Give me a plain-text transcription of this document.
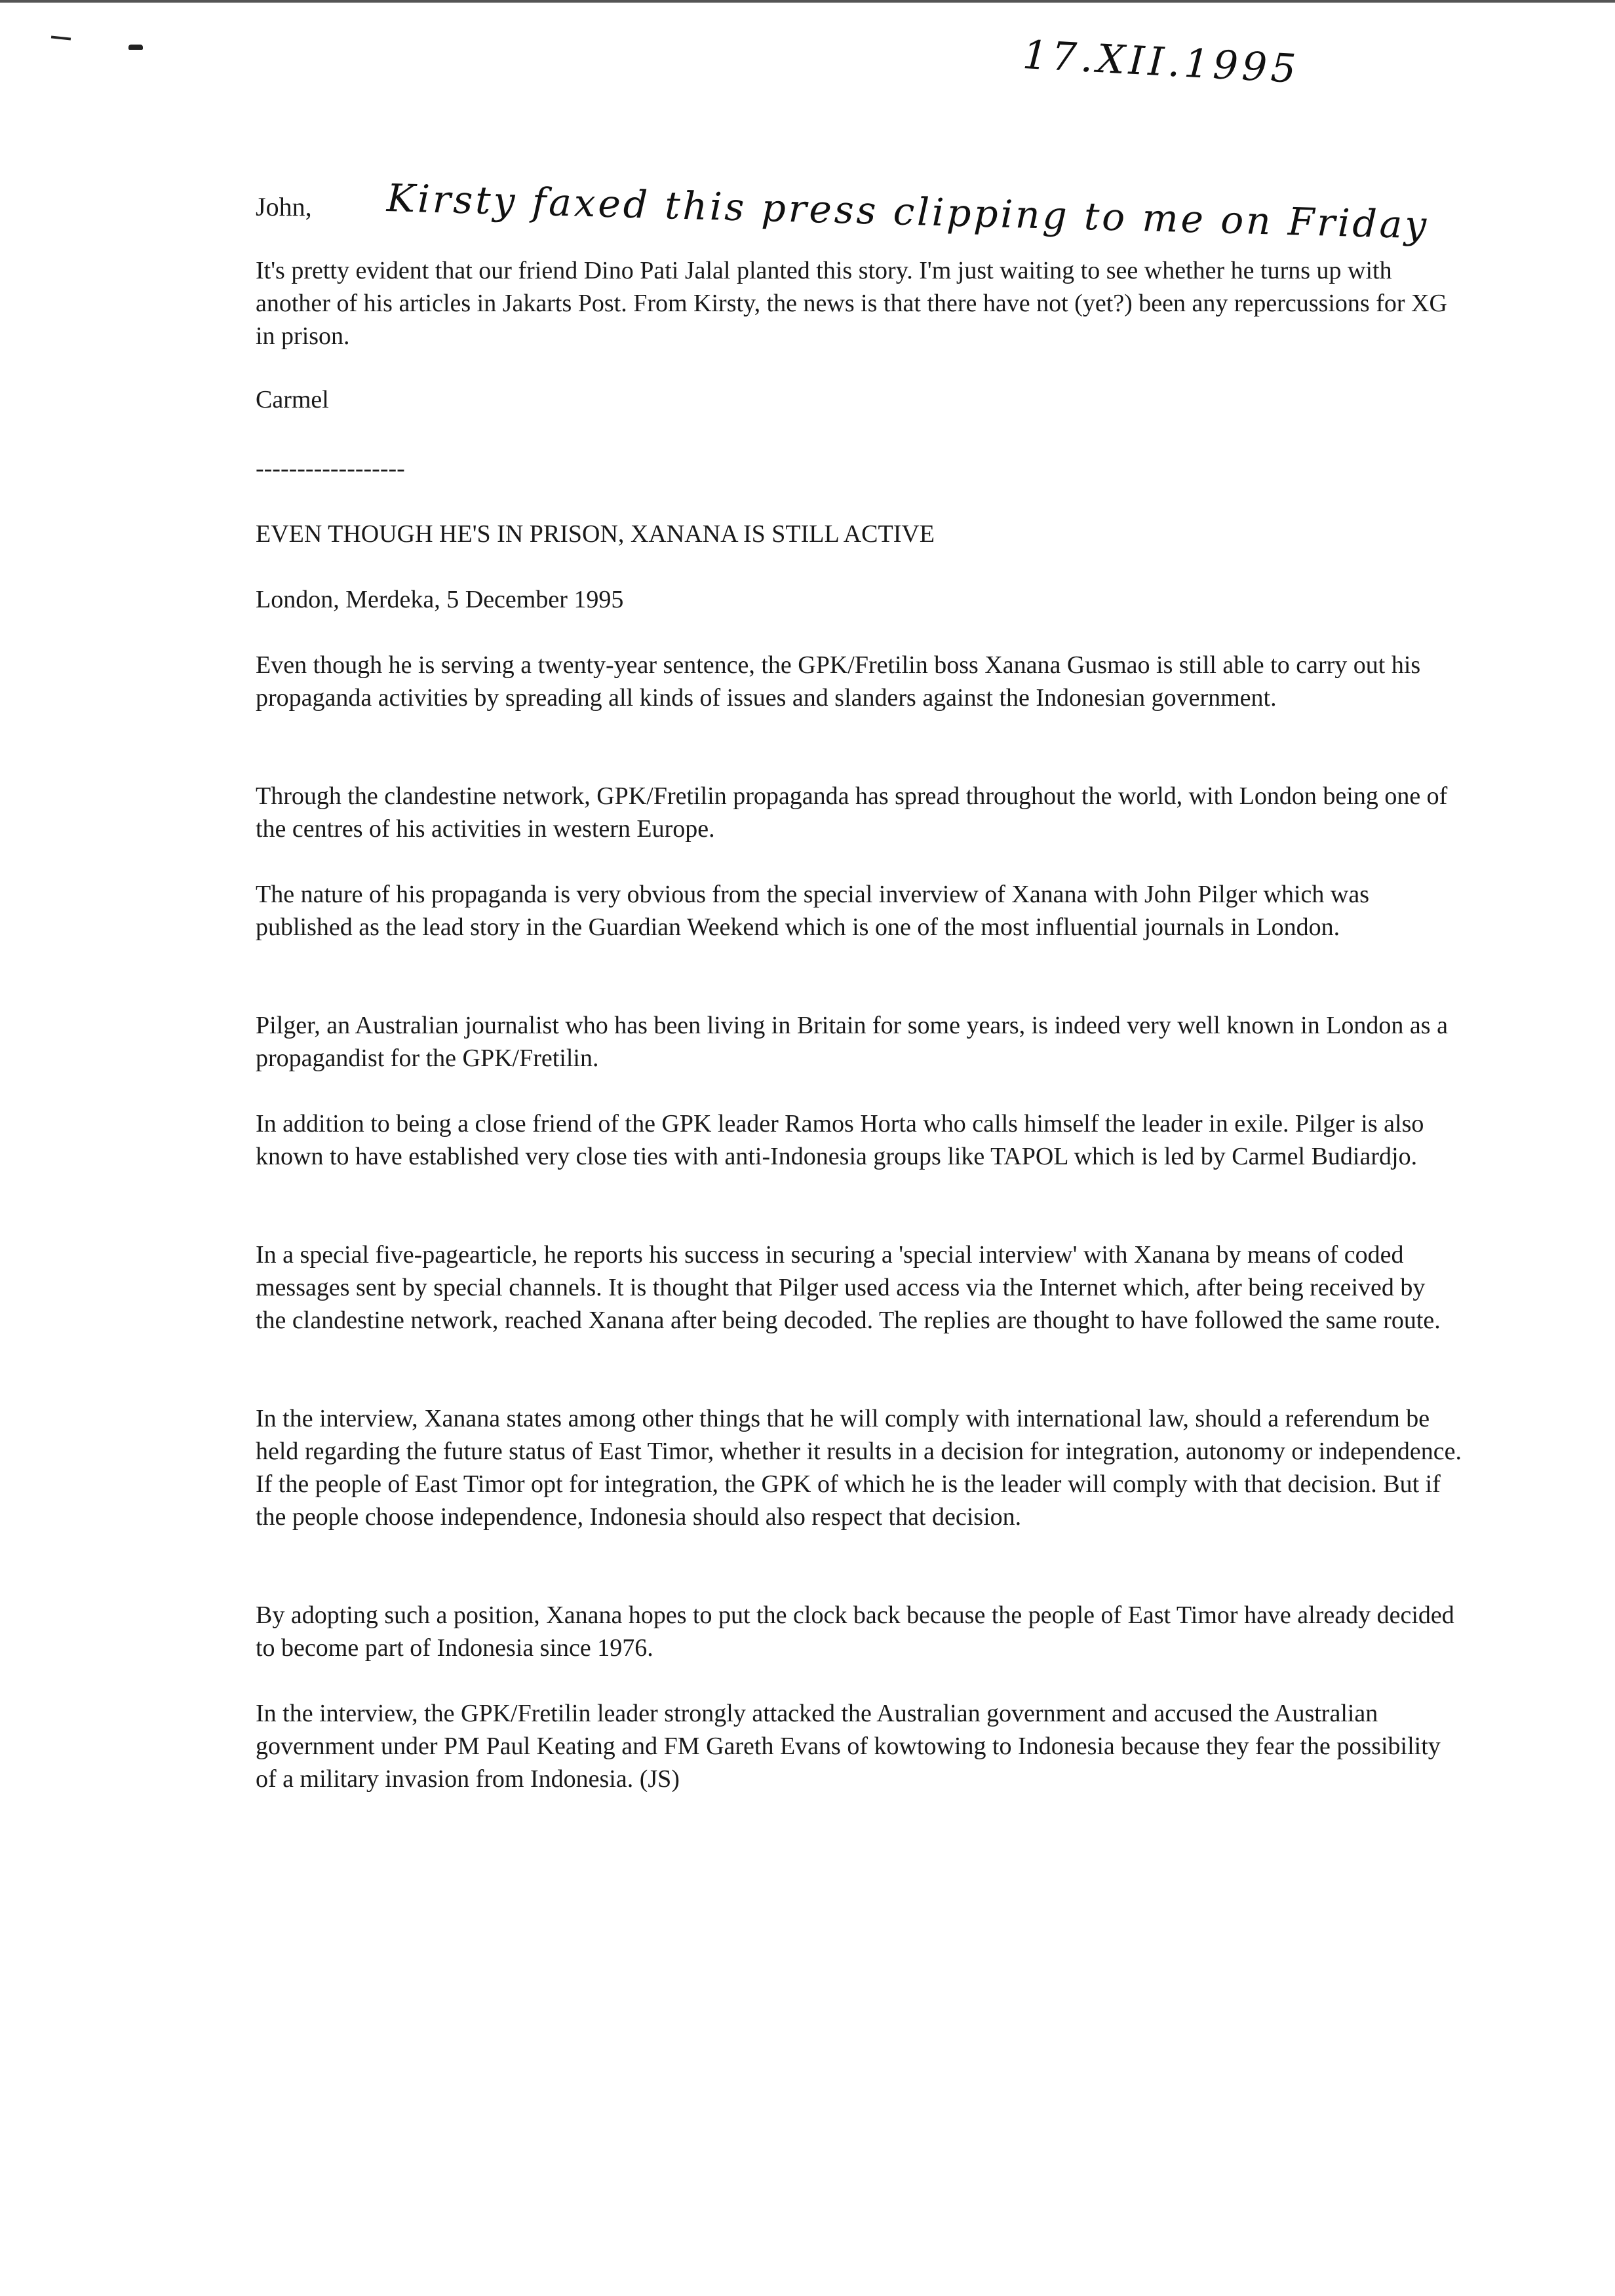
17.XII.1995
John, Kirsty faxed this press clipping to me on Friday

It's pretty evident that our friend Dino Pati Jalal planted this story. I'm just waiting to see whether he turns up with another of his articles in Jakarts Post. From Kirsty, the news is that there have not (yet?) been any repercussions for XG in prison.

Carmel

------------------

EVEN THOUGH HE'S IN PRISON, XANANA IS STILL ACTIVE

London, Merdeka, 5 December 1995

Even though he is serving a twenty-year sentence, the GPK/Fretilin boss Xanana Gusmao is still able to carry out his propaganda activities by spreading all kinds of issues and slanders against the Indonesian government.

Through the clandestine network, GPK/Fretilin propaganda has spread throughout the world, with London being one of the centres of his activities in western Europe.

The nature of his propaganda is very obvious from the special inverview of Xanana with John Pilger which was published as the lead story in the Guardian Weekend which is one of the most influential journals in London.

Pilger, an Australian journalist who has been living in Britain for some years, is indeed very well known in London as a propagandist for the GPK/Fretilin.

In addition to being a close friend of the GPK leader Ramos Horta who calls himself the leader in exile. Pilger is also known to have established very close ties with anti-Indonesia groups like TAPOL which is led by Carmel Budiardjo.

In a special five-pagearticle, he reports his success in securing a 'special interview' with Xanana by means of coded messages sent by special channels. It is thought that Pilger used access via the Internet which, after being received by the clandestine network, reached Xanana after being decoded. The replies are thought to have followed the same route.

In the interview, Xanana states among other things that he will comply with international law, should a referendum be held regarding the future status of East Timor, whether it results in a decision for integration, autonomy or independence. If the people of East Timor opt for integration, the GPK of which he is the leader will comply with that decision. But if the people choose independence, Indonesia should also respect that decision.

By adopting such a position, Xanana hopes to put the clock back because the people of East Timor have already decided to become part of Indonesia since 1976.

In the interview, the GPK/Fretilin leader strongly attacked the Australian government and accused the Australian government under PM Paul Keating and FM Gareth Evans of kowtowing to Indonesia because they fear the possibility of a military invasion from Indonesia. (JS)
